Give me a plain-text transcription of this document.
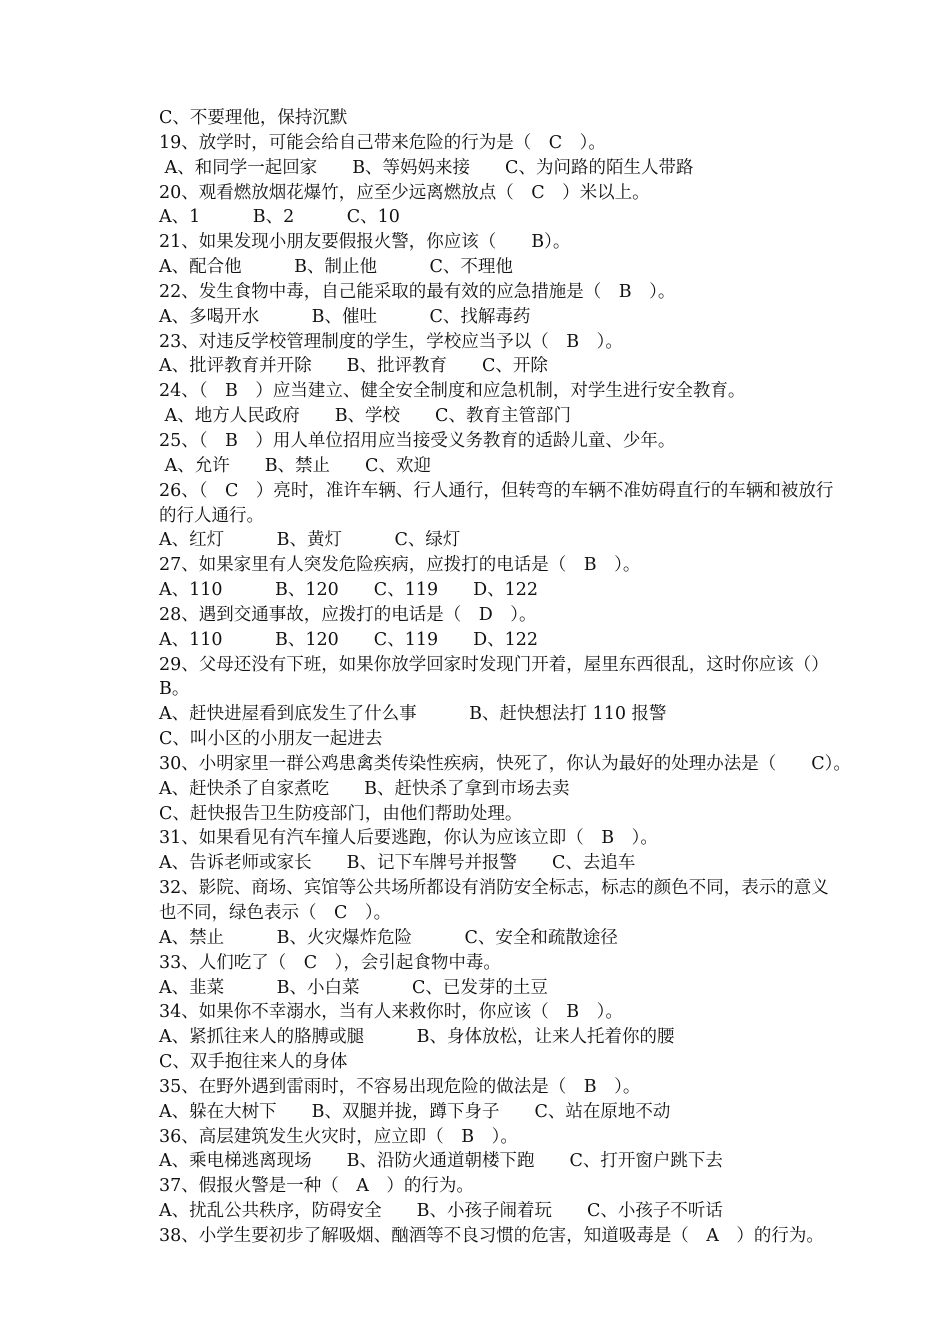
C、不要理他，保持沉默
19、放学时，可能会给自己带来危险的行为是（　C　）。
A、和同学一起回家　　B、等妈妈来接　　C、为问路的陌生人带路
20、观看燃放烟花爆竹，应至少远离燃放点（　C　）米以上。
A、1　　　B、2　　　C、10
21、如果发现小朋友要假报火警，你应该（　　B）。
A、配合他　　　B、制止他　　　C、不理他
22、发生食物中毒，自己能采取的最有效的应急措施是（　B　）。
A、多喝开水　　　B、催吐　　　C、找解毒药
23、对违反学校管理制度的学生，学校应当予以（　B　）。
A、批评教育并开除　　B、批评教育　　C、开除
24、（　B　）应当建立、健全安全制度和应急机制，对学生进行安全教育。
A、地方人民政府　　B、学校　　C、教育主管部门
25、（　B　）用人单位招用应当接受义务教育的适龄儿童、少年。
A、允许　　B、禁止　　C、欢迎
26、（　C　）亮时，准许车辆、行人通行，但转弯的车辆不准妨碍直行的车辆和被放行
的行人通行。
A、红灯　　　B、黄灯　　　C、绿灯
27、如果家里有人突发危险疾病，应拨打的电话是（　B　）。
A、110　　　B、120　　C、119　　D、122
28、遇到交通事故，应拨打的电话是（　D　）。
A、110　　　B、120　　C、119　　D、122
29、父母还没有下班，如果你放学回家时发现门开着，屋里东西很乱，这时你应该（）
B。
A、赶快进屋看到底发生了什么事　　　B、赶快想法打 110 报警
C、叫小区的小朋友一起进去
30、小明家里一群公鸡患禽类传染性疾病，快死了，你认为最好的处理办法是（　　C）。
A、赶快杀了自家煮吃　　B、赶快杀了拿到市场去卖
C、赶快报告卫生防疫部门，由他们帮助处理。
31、如果看见有汽车撞人后要逃跑，你认为应该立即（　B　）。
A、告诉老师或家长　　B、记下车牌号并报警　　C、去追车
32、影院、商场、宾馆等公共场所都设有消防安全标志，标志的颜色不同，表示的意义
也不同，绿色表示（　C　）。
A、禁止　　　B、火灾爆炸危险　　　C、安全和疏散途径
33、人们吃了（　C　），会引起食物中毒。
A、韭菜　　　B、小白菜　　　C、已发芽的土豆
34、如果你不幸溺水，当有人来救你时，你应该（　B　）。
A、紧抓往来人的胳膊或腿　　　B、身体放松，让来人托着你的腰
C、双手抱往来人的身体
35、在野外遇到雷雨时，不容易出现危险的做法是（　B　）。
A、躲在大树下　　B、双腿并拢，蹲下身子　　C、站在原地不动
36、高层建筑发生火灾时，应立即（　B　）。
A、乘电梯逃离现场　　B、沿防火通道朝楼下跑　　C、打开窗户跳下去
37、假报火警是一种（　A　）的行为。
A、扰乱公共秩序，防碍安全　　B、小孩子闹着玩　　C、小孩子不听话
38、小学生要初步了解吸烟、酗酒等不良习惯的危害，知道吸毒是（　A　）的行为。
